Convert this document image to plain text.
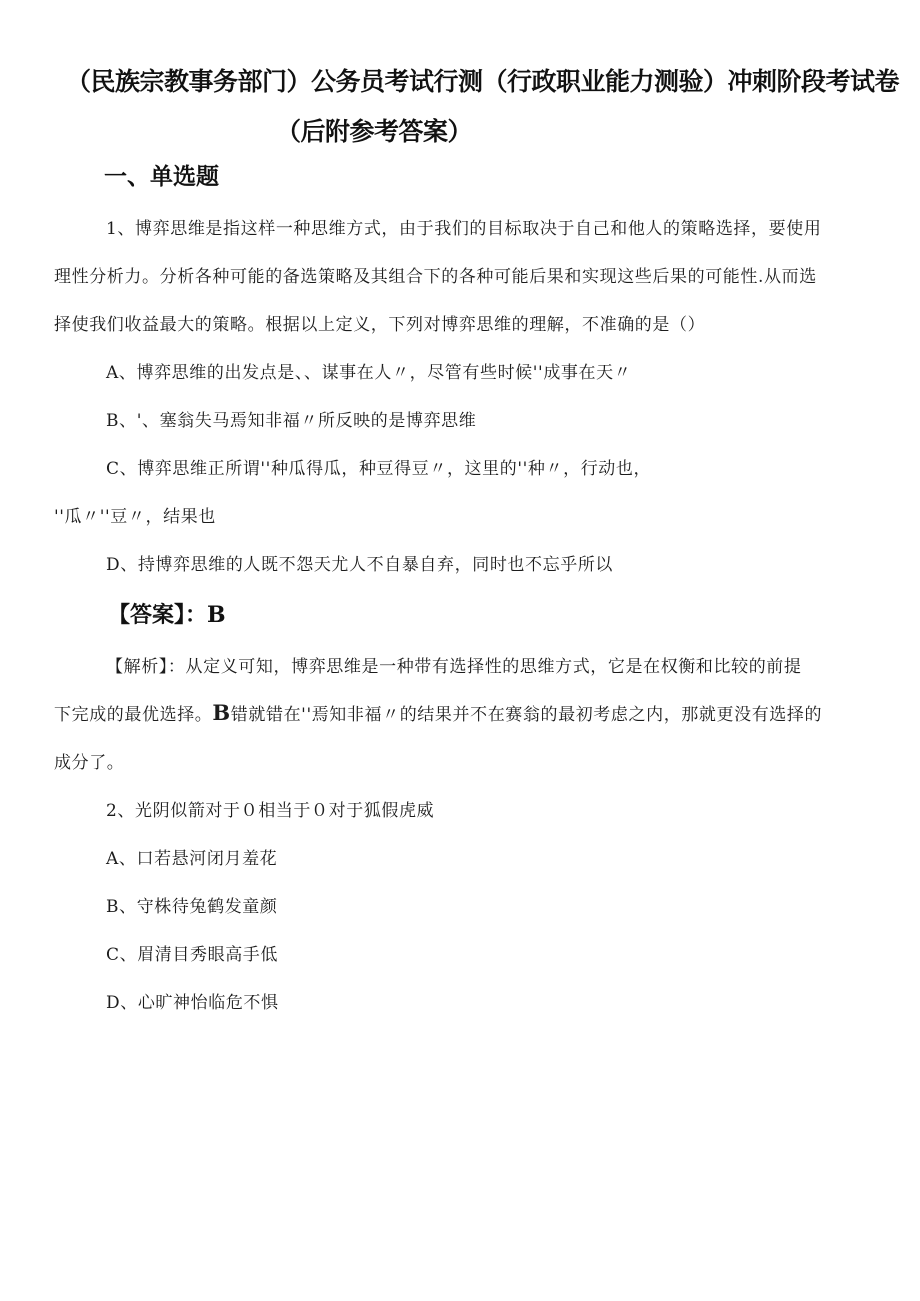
（民族宗教事务部门）公务员考试行测（行政职业能力测验）冲刺阶段考试卷
（后附参考答案）
一、单选题
1、博弈思维是指这样一种思维方式，由于我们的目标取决于自己和他人的策略选择，要使用
理性分析力。分析各种可能的备选策略及其组合下的各种可能后果和实现这些后果的可能性.从而选
择使我们收益最大的策略。根据以上定义，下列对博弈思维的理解，不准确的是（）
A、博弈思维的出发点是、、谋事在人〃，尽管有些时候''成事在天〃
B、'、塞翁失马焉知非福〃所反映的是博弈思维
C、博弈思维正所谓''种瓜得瓜，种豆得豆〃，这里的''种〃，行动也，
''瓜〃''豆〃，结果也
D、持博弈思维的人既不怨天尤人不自暴自弃，同时也不忘乎所以
【答案】：B
【解析】：从定义可知，博弈思维是一种带有选择性的思维方式，它是在权衡和比较的前提
下完成的最优选择。B错就错在''焉知非福〃的结果并不在赛翁的最初考虑之内，那就更没有选择的
成分了。
2、光阴似箭对于０相当于０对于狐假虎威
A、口若悬河闭月羞花
B、守株待兔鹤发童颜
C、眉清目秀眼高手低
D、心旷神怡临危不惧
